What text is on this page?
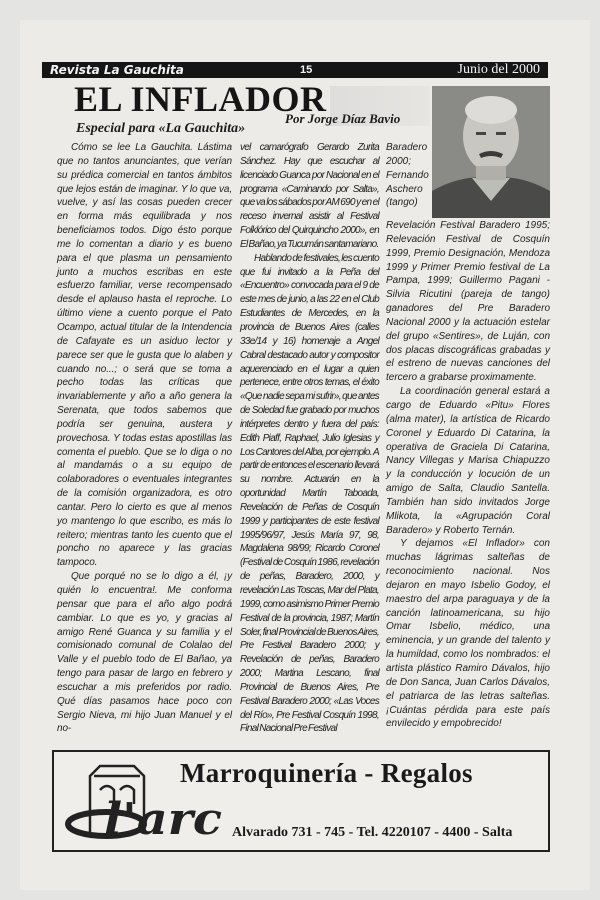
Revista La Gauchita	15	Junio del 2000
EL INFLADOR
Por Jorge Díaz Bavio
Especial para «La Gauchita»

Cómo se lee La Gauchita. Lástima que no tantos anunciantes, que verían su prédica comercial en tantos ámbitos que lejos están de imaginar. Y lo que va, vuelve, y así las cosas pueden crecer en forma más equilibrada y nos beneficiamos todos. Digo ésto porque me lo comentan a diario y es bueno para el que plasma un pensamiento junto a muchos escribas en este esfuerzo familiar, verse recompensado desde el aplauso hasta el reproche. Lo último viene a cuento porque el Pato Ocampo, actual titular de la Intendencia de Cafayate es un asiduo lector y parece ser que le gusta que lo alaben y cuando no...; o será que se toma a pecho todas las críticas que invariablemente y año a año genera la Serenata, que todos sabemos que podría ser genuina, austera y provechosa. Y todas estas apostillas las comenta el pueblo. Que se lo diga o no al mandamás o a su equipo de colaboradores o eventuales integrantes de la comisión organizadora, es otro cantar. Pero lo cierto es que al menos yo mantengo lo que escribo, es más lo reitero; mientras tanto les cuento que el poncho no aparece y las gracias tampoco.

Que porqué no se lo digo a él, ¡y quién lo encuentra!. Me conforma pensar que para el año algo podrá cambiar. Lo que es yo, y gracias al amigo René Guanca y su familia y el comisionado comunal de Colalao del Valle y el pueblo todo de El Bañao, ya tengo para pasar de largo en febrero y escuchar a mis preferidos por radio. Qué días pasamos hace poco con Sergio Nieva, mi hijo Juan Manuel y el no-

vel camarógrafo Gerardo Zurita Sánchez. Hay que escuchar al licenciado Guanca por Nacional en el programa «Caminando por Salta», que va los sábados por AM 690 y en el receso invernal asistir al Festival Folklórico del Quirquincho 2000», en El Bañao, ya Tucumán santamariano.

Hablando de festivales, les cuento que fui invitado a la Peña del «Encuentro» convocada para el 9 de este mes de junio, a las 22 en el Club Estudiantes de Mercedes, en la provincia de Buenos Aires (calles 33e/14 y 16) homenaje a Angel Cabral destacado autor y compositor aquerenciado en el lugar a quien pertenece, entre otros temas, el éxito «Que nadie sepa mi sufrir», que antes de Soledad fue grabado por muchos intérpretes dentro y fuera del país: Edith Piaff, Raphael, Julio Iglesias y Los Cantores del Alba, por ejemplo. A partir de entonces el escenario llevará su nombre. Actuarán en la oportunidad Martín Taboada, Revelación de Peñas de Cosquín 1999 y participantes de este festival 1995/96/97, Jesús María 97, 98, Magdalena 98/99; Ricardo Coronel (Festival de Cosquín 1986, revelación de peñas, Baradero, 2000, y revelación Las Toscas, Mar del Plata, 1999, como asimismo Primer Premio Festival de la provincia, 1987; Martín Soler, final Provincial de Buenos Aires, Pre Festival Baradero 2000; y Revelación de peñas, Baradero 2000; Martina Lescano, final Provincial de Buenos Aires, Pre Festival Baradero 2000; «Las Voces del Río», Pre Festival Cosquín 1998, Final Nacional Pre Festival

Baradero 2000; Fernando Aschero (tango) Revelación Festival Baradero 1995; Relevación Festival de Cosquín 1999, Premio Designación, Mendoza 1999 y Primer Premio festival de La Pampa, 1999; Guillermo Pagani - Silvia Ricutini (pareja de tango) ganadores del Pre Baradero Nacional 2000 y la actuación estelar del grupo «Sentires», de Luján, con dos placas discográficas grabadas y el estreno de nuevas canciones del tercero a grabarse proximamente.

La coordinación general estará a cargo de Eduardo «Pitu» Flores (alma mater), la artística de Ricardo Coronel y Eduardo Di Catarina, la operativa de Graciela Di Catarina, Nancy Villegas y Marisa Chiapuzzo y la conducción y locución de un amigo de Salta, Claudio Santella. También han sido invitados Jorge Mlikota, la «Agrupación Coral Baradero» y Roberto Ternán.

Y dejamos «El Inflador» con muchas lágrimas salteñas de reconocimiento nacional. Nos dejaron en mayo Isbelio Godoy, el maestro del arpa paraguaya y de la canción latinoamericana, su hijo Omar Isbelio, médico, una eminencia, y un grande del talento y la humildad, como los nombrados: el artista plástico Ramiro Dávalos, hijo de Don Sanca, Juan Carlos Dávalos, el patriarca de las letras salteñas. ¡Cuántas pérdida para este país envilecido y empobrecido!

l'arc
Marroquinería - Regalos
Alvarado 731 - 745 - Tel. 4220107 - 4400 - Salta
